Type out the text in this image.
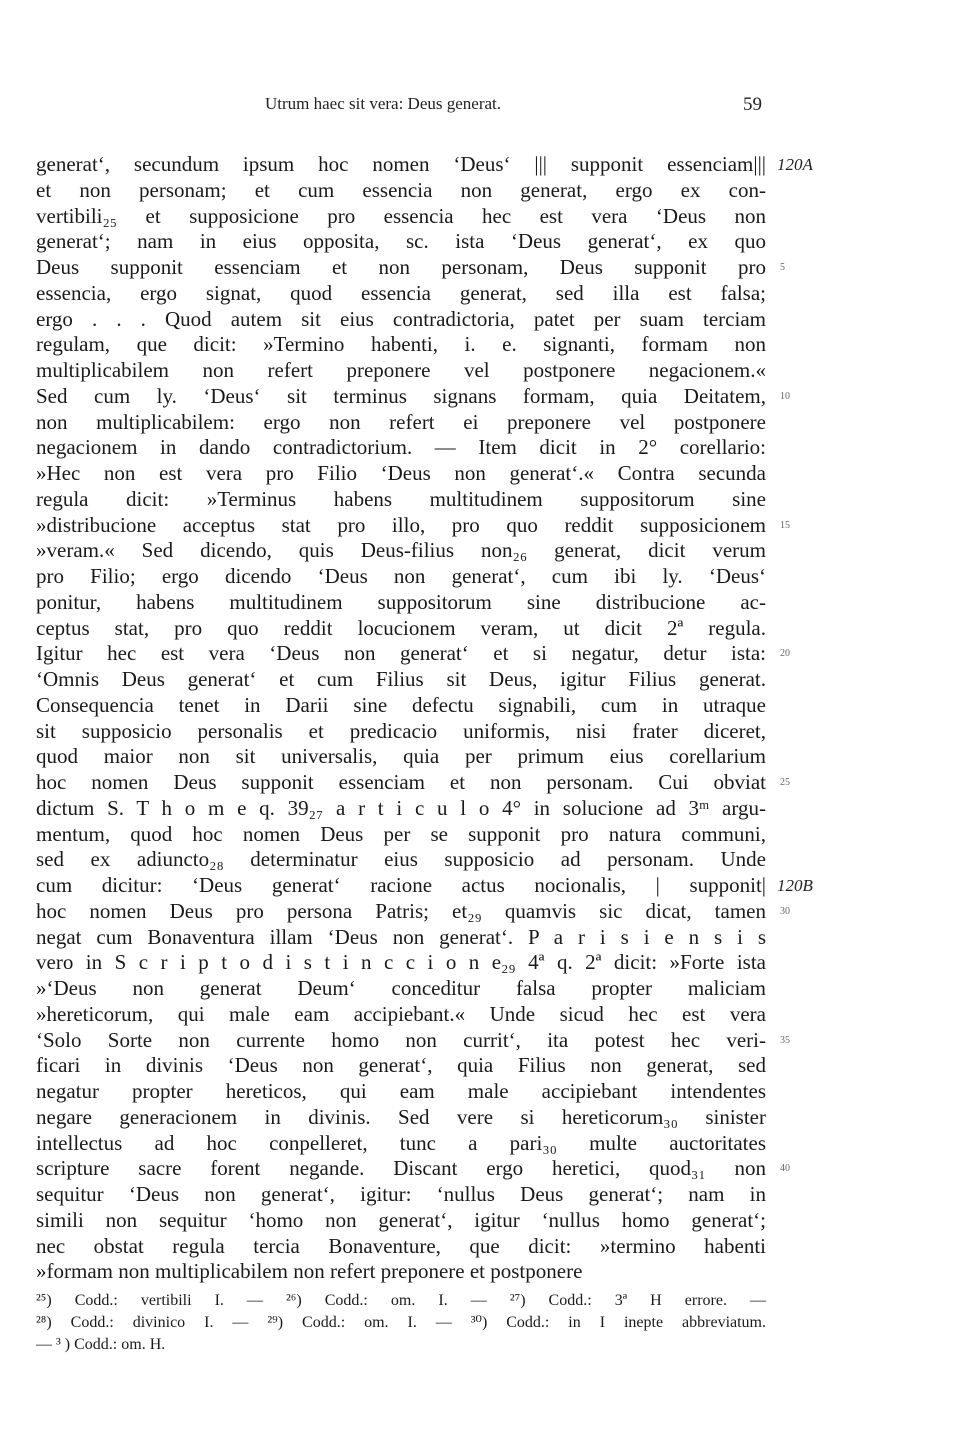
Utrum haec sit vera: Deus generat.	59
generat‘, secundum ipsum hoc nomen ‘Deus‘ ||| supponit essenciam||| 120A
et non personam; et cum essencia non generat, ergo ex con-
vertibili₂₅ et supposicione pro essencia hec est vera ‘Deus non
generat‘; nam in eius opposita, sc. ista ‘Deus generat‘, ex quo
Deus supponit essenciam et non personam, Deus supponit pro 5
essencia, ergo signat, quod essencia generat, sed illa est falsa;
ergo . . . Quod autem sit eius contradictoria, patet per suam terciam
regulam, que dicit: »Termino habenti, i. e. signanti, formam non
multiplicabilem non refert preponere vel postponere negacionem.«
Sed cum ly. ‘Deus‘ sit terminus signans formam, quia Deitatem, 10
non multiplicabilem: ergo non refert ei preponere vel postponere
negacionem in dando contradictorium. — Item dicit in 2° corellario:
»Hec non est vera pro Filio ‘Deus non generat‘.« Contra secunda
regula dicit: »Terminus habens multitudinem suppositorum sine
»distribucione acceptus stat pro illo, pro quo reddit supposicionem 15
»veram.« Sed dicendo, quis Deus-filius non₂₆ generat, dicit verum
pro Filio; ergo dicendo ‘Deus non generat‘, cum ibi ly. ‘Deus‘
ponitur, habens multitudinem suppositorum sine distribucione ac-
ceptus stat, pro quo reddit locucionem veram, ut dicit 2ª regula.
Igitur hec est vera ‘Deus non generat‘ et si negatur, detur ista: 20
‘Omnis Deus generat‘ et cum Filius sit Deus, igitur Filius generat.
Consequencia tenet in Darii sine defectu signabili, cum in utraque
sit supposicio personalis et predicacio uniformis, nisi frater diceret,
quod maior non sit universalis, quia per primum eius corellarium
hoc nomen Deus supponit essenciam et non personam. Cui obviat 25
dictum S. T h o m e q. 39₂₇ a r t i c u l o 4° in solucione ad 3ᵐ argu-
mentum, quod hoc nomen Deus per se supponit pro natura communi,
sed ex adiuncto₂₈ determinatur eius supposicio ad personam. Unde
cum dicitur: ‘Deus generat‘ racione actus nocionalis, | supponit| 120B
hoc nomen Deus pro persona Patris; et₂₉ quamvis sic dicat, tamen 30
negat cum Bonaventura illam ‘Deus non generat‘. P a r i s i e n s i s
vero in S c r i p t o d i s t i n c c i o n e₂₉ 4ª q. 2ª dicit: »Forte ista
»‘Deus non generat Deum‘ conceditur falsa propter maliciam
»hereticorum, qui male eam accipiebant.« Unde sicud hec est vera
‘Solo Sorte non currente homo non currit‘, ita potest hec veri- 35
ficari in divinis ‘Deus non generat‘, quia Filius non generat, sed
negatur propter hereticos, qui eam male accipiebant intendentes
negare generacionem in divinis. Sed vere si hereticorum₃₀ sinister
intellectus ad hoc conpelleret, tunc a pari₃₀ multe auctoritates
scripture sacre forent negande. Discant ergo heretici, quod₃₁ non 40
sequitur ‘Deus non generat‘, igitur: ‘nullus Deus generat‘; nam in
simili non sequitur ‘homo non generat‘, igitur ‘nullus homo generat‘;
nec obstat regula tercia Bonaventure, que dicit: »termino habenti
»formam non multiplicabilem non refert preponere et postponere
²⁵) Codd.: vertibili I. — ²⁶) Codd.: om. I. — ²⁷) Codd.: 3ª H errore. —
²⁸) Codd.: divinico I. — ²⁹) Codd.: om. I. — ³⁰) Codd.: in I inepte abbreviatum.
— ³ ) Codd.: om. H.
